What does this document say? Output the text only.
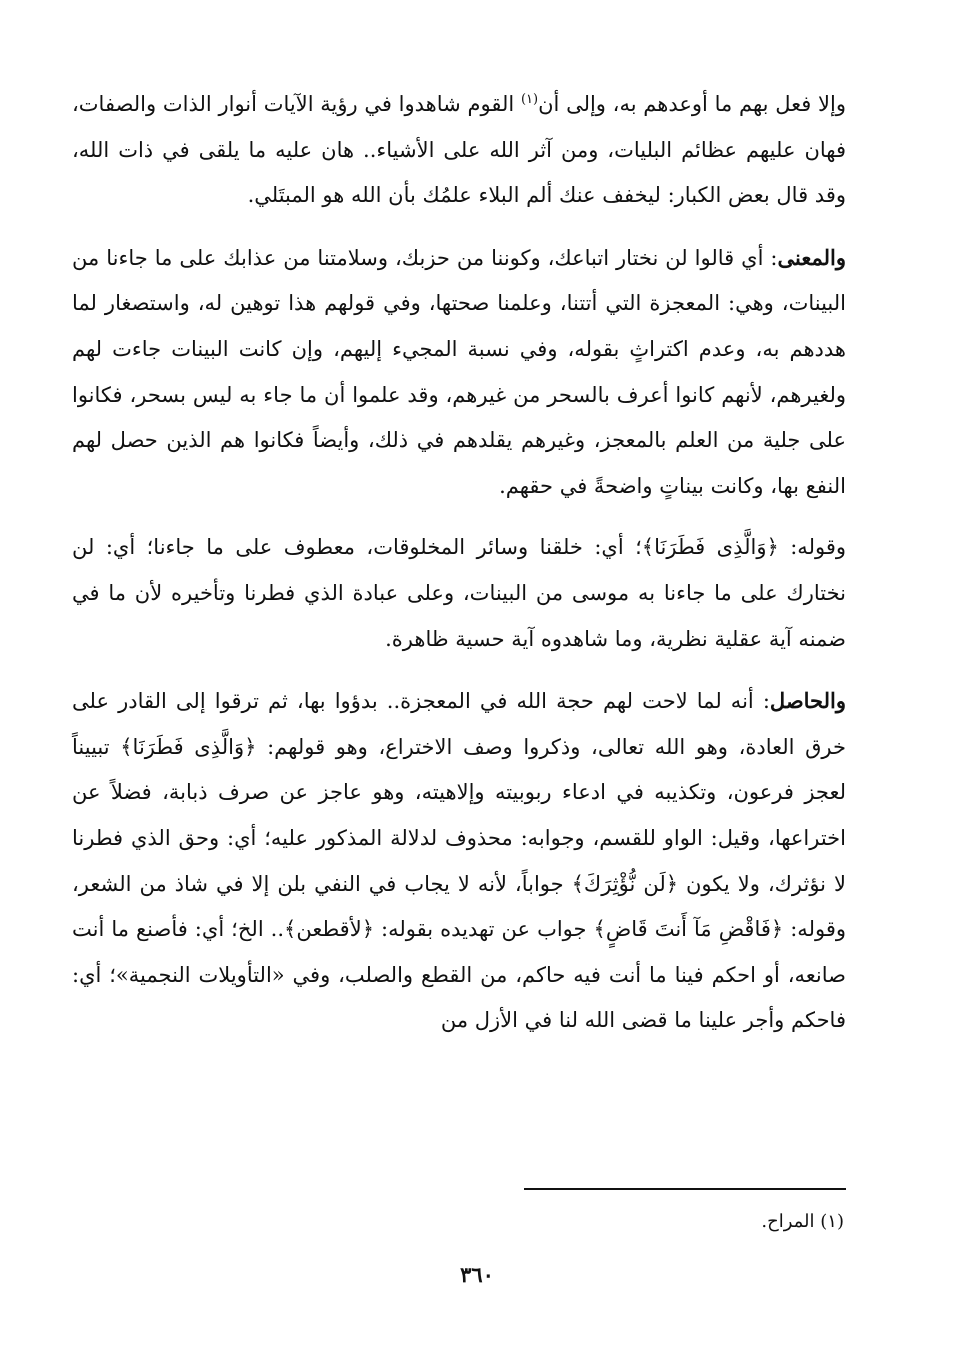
وإلا فعل بهم ما أوعدهم به، وإلى أن$^{(١)}$ القوم شاهدوا في رؤية الآيات أنوار الذات والصفات، فهان عليهم عظائم البليات، ومن آثر الله على الأشياء.. هان عليه ما يلقى في ذات الله، وقد قال بعض الكبار: ليخفف عنك ألم البلاء علمُك بأن الله هو المبتَلي.

والمعنى: أي قالوا لن نختار اتباعك، وكوننا من حزبك، وسلامتنا من عذابك على ما جاءنا من البينات، وهي: المعجزة التي أتتنا، وعلمنا صحتها، وفي قولهم هذا توهين له، واستصغار لما هددهم به، وعدم اكتراثٍ بقوله، وفي نسبة المجيء إليهم، وإن كانت البينات جاءت لهم ولغيرهم، لأنهم كانوا أعرف بالسحر من غيرهم، وقد علموا أن ما جاء به ليس بسحر، فكانوا على جلية من العلم بالمعجز، وغيرهم يقلدهم في ذلك، وأيضاً فكانوا هم الذين حصل لهم النفع بها، وكانت بيناتٍ واضحةً في حقهم.

وقوله: ﴿وَالَّذِى فَطَرَنَا﴾؛ أي: خلقنا وسائر المخلوقات، معطوف على ما جاءنا؛ أي: لن نختارك على ما جاءنا به موسى من البينات، وعلى عبادة الذي فطرنا وتأخيره لأن ما في ضمنه آية عقلية نظرية، وما شاهدوه آية حسية ظاهرة.

والحاصل: أنه لما لاحت لهم حجة الله في المعجزة.. بدؤوا بها، ثم ترقوا إلى القادر على خرق العادة، وهو الله تعالى، وذكروا وصف الاختراع، وهو قولهم: ﴿وَالَّذِى فَطَرَنَا﴾ تبييناً لعجز فرعون، وتكذيبه في ادعاء ربوبيته وإلاهيته، وهو عاجز عن صرف ذبابة، فضلاً عن اختراعها، وقيل: الواو للقسم، وجوابه: محذوف لدلالة المذكور عليه؛ أي: وحق الذي فطرنا لا نؤثرك، ولا يكون ﴿لَن نُّؤْثِرَكَ﴾ جواباً، لأنه لا يجاب في النفي بلن إلا في شاذ من الشعر، وقوله: ﴿فَاقْضِ مَآ أَنتَ قَاضٍ﴾ جواب عن تهديده بقوله: ﴿لأقطعن﴾.. الخ؛ أي: فأصنع ما أنت صانعه، أو احكم فينا ما أنت فيه حاكم، من القطع والصلب، وفي «التأويلات النجمية»؛ أي: فاحكم وأجر علينا ما قضى الله لنا في الأزل من

(١) المراح.
٣٦٠
